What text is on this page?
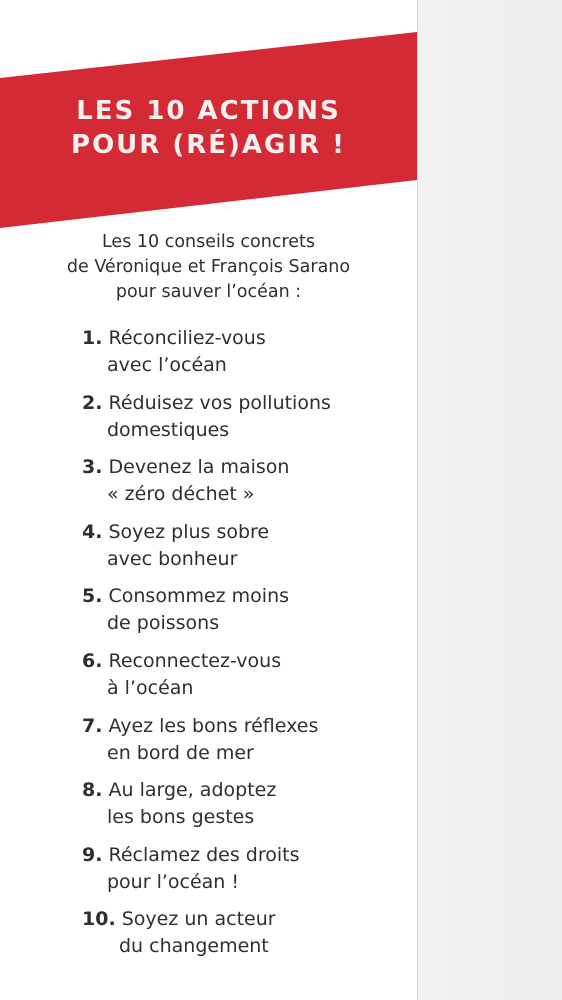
LES 10 ACTIONS
POUR (RÉ)AGIR !
Les 10 conseils concrets
de Véronique et François Sarano
pour sauver l’océan :
1. Réconciliez-vous
avec l’océan
2. Réduisez vos pollutions
domestiques
3. Devenez la maison
« zéro déchet »
4. Soyez plus sobre
avec bonheur
5. Consommez moins
de poissons
6. Reconnectez-vous
à l’océan
7. Ayez les bons réflexes
en bord de mer
8. Au large, adoptez
les bons gestes
9. Réclamez des droits
pour l’océan !
10. Soyez un acteur
du changement
